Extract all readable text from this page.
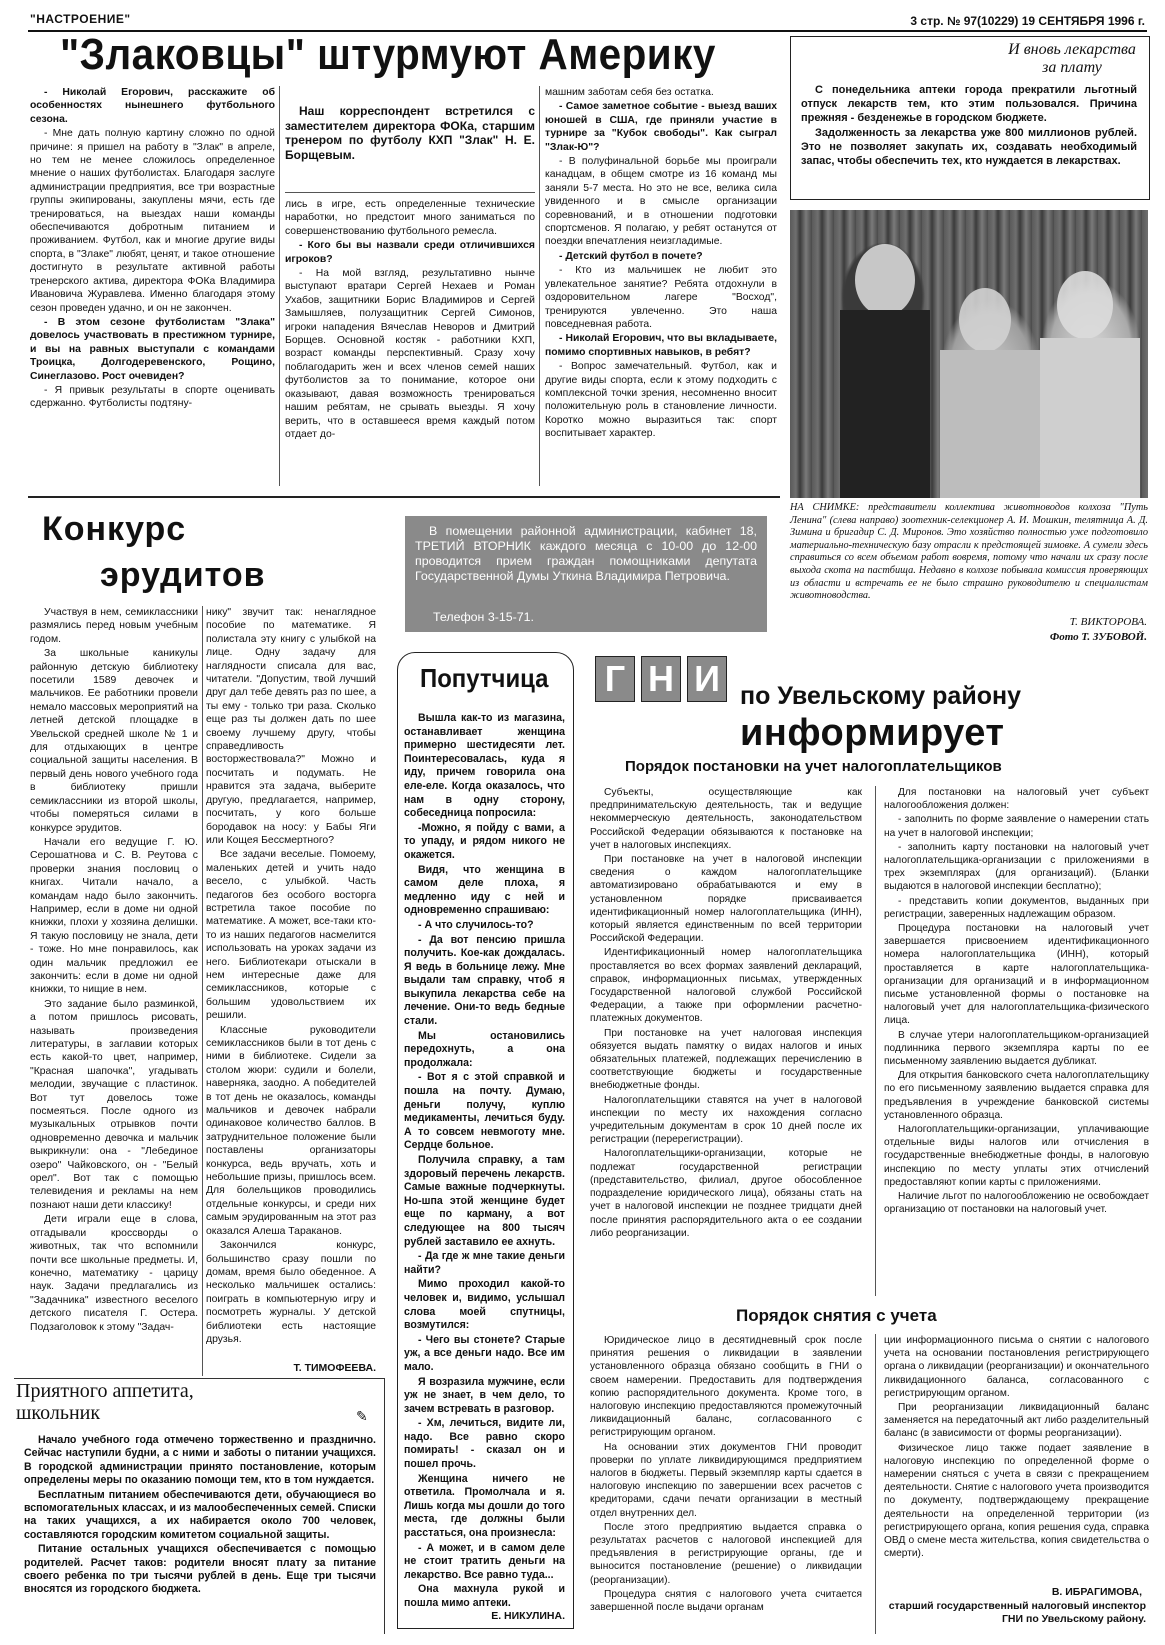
"НАСТРОЕНИЕ"	3 стр. № 97(10229) 19 СЕНТЯБРЯ 1996 г.
"Злаковцы" штурмуют Америку

- Николай Егорович, расскажите об особенностях нынешнего футбольного сезона.

- Мне дать полную картину сложно по одной причине: я пришел на работу в "Злак" в апреле, но тем не менее сложилось определенное мнение о наших футболистах. Благодаря заслуге администрации предприятия, все три возрастные группы экипированы, закуплены мячи, есть где тренироваться, на выездах наши команды обеспечиваются добротным питанием и проживанием. Футбол, как и многие другие виды спорта, в "Злаке" любят, ценят, и такое отношение достигнуто в результате активной работы тренерского актива, директора ФОКа Владимира Ивановича Журавлева. Именно благодаря этому сезон проведен удачно, и он не закончен.

- В этом сезоне футболистам "Злака" довелось участвовать в престижном турнире, и вы на равных выступали с командами Троицка, Долгодеревенского, Рощино, Синеглазово. Рост очевиден?

- Я привык результаты в спорте оценивать сдержанно. Футболисты подтяну-

Наш корреспондент встретился с заместителем директора ФОКа, старшим тренером по футболу КХП "Злак" Н. Е. Борщевым.

лись в игре, есть определенные технические наработки, но предстоит много заниматься по совершенствованию футбольного ремесла.

- Кого бы вы назвали среди отличившихся игроков?

- На мой взгляд, результативно нынче выступают вратари Сергей Нехаев и Роман Ухабов, защитники Борис Владимиров и Сергей Замышляев, полузащитник Сергей Симонов, игроки нападения Вячеслав Неворов и Дмитрий Борщев. Основной костяк - работники КХП, возраст команды перспективный. Сразу хочу поблагодарить жен и всех членов семей наших футболистов за то понимание, которое они оказывают, давая возможность тренироваться нашим ребятам, не срывать выезды. Я хочу верить, что в оставшееся время каждый потом отдает до-

машним заботам себя без остатка.

- Самое заметное событие - выезд ваших юношей в США, где приняли участие в турнире за "Кубок свободы". Как сыграл "Злак-Ю"?

- В полуфинальной борьбе мы проиграли канадцам, в общем смотре из 16 команд мы заняли 5-7 места. Но это не все, велика сила увиденного и в смысле организации соревнований, и в отношении подготовки спортсменов. Я полагаю, у ребят останутся от поездки впечатления неизгладимые.

- Детский футбол в почете?

- Кто из мальчишек не любит это увлекательное занятие? Ребята отдохнули в оздоровительном лагере "Восход", тренируются увлеченно. Это наша повседневная работа.

- Николай Егорович, что вы вкладываете, помимо спортивных навыков, в ребят?

- Вопрос замечательный. Футбол, как и другие виды спорта, если к этому подходить с комплексной точки зрения, несомненно вносит положительную роль в становление личности. Коротко можно выразиться так: спорт воспитывает характер.

И вновь лекарства за плату

С понедельника аптеки города прекратили льготный отпуск лекарств тем, кто этим пользовался. Причина прежняя - безденежье в городском бюджете.

Задолженность за лекарства уже 800 миллионов рублей. Это не позволяет закупать их, создавать необходимый запас, чтобы обеспечить тех, кто нуждается в лекарствах.

НА СНИМКЕ: представители коллектива животноводов колхоза "Путь Ленина" (слева направо) зоотехник-селекционер А. И. Мошкин, телятница А. Д. Зимина и бригадир С. Д. Миронов. Это хозяйство полностью уже подготовило материально-техническую базу отрасли к предстоящей зимовке. А сумели здесь справиться со всем объемом работ вовремя, потому что начали их сразу после выхода скота на пастбища. Недавно в колхозе побывала комиссия проверяющих из области и встречать ее не было страшно руководителю и специалистам животноводства.
Т. ВИКТОРОВА.
Фото Т. ЗУБОВОЙ.
Конкурс
эрудитов

Участвуя в нем, семиклассники размялись перед новым учебным годом.

За школьные каникулы районную детскую библиотеку посетили 1589 девочек и мальчиков. Ее работники провели немало массовых мероприятий на летней детской площадке в Увельской средней школе № 1 и для отдыхающих в центре социальной защиты населения. В первый день нового учебного года в библиотеку пришли семиклассники из второй школы, чтобы померяться силами в конкурсе эрудитов.

Начали его ведущие Г. Ю. Серошатнова и С. В. Реутова с проверки знания пословиц о книгах. Читали начало, а командам надо было закончить. Например, если в доме ни одной книжки, плохи у хозяина делишки. Я такую пословицу не знала, дети - тоже. Но мне понравилось, как один мальчик предложил ее закончить: если в доме ни одной книжки, то нищие в нем.

Это задание было разминкой, а потом пришлось рисовать, называть произведения литературы, в заглавии которых есть какой-то цвет, например, "Красная шапочка", угадывать мелодии, звучащие с пластинок. Вот тут довелось тоже посмеяться. После одного из музыкальных отрывков почти одновременно девочка и мальчик выкрикнули: она - "Лебединое озеро" Чайковского, он - "Белый орел". Вот так с помощью телевидения и рекламы на нем познают наши дети классику!

Дети играли еще в слова, отгадывали кроссворды о животных, так что вспомнили почти все школьные предметы. И, конечно, математику - царицу наук. Задачи предлагались из "Задачника" известного веселого детского писателя Г. Остера. Подзаголовок к этому "Задач-

нику" звучит так: ненаглядное пособие по математике. Я полистала эту книгу с улыбкой на лице. Одну задачу для наглядности списала для вас, читатели. "Допустим, твой лучший друг дал тебе девять раз по шее, а ты ему - только три раза. Сколько еще раз ты должен дать по шее своему лучшему другу, чтобы справедливость восторжествовала?" Можно и посчитать и подумать. Не нравится эта задача, выберите другую, предлагается, например, посчитать, у кого больше бородавок на носу: у Бабы Яги или Кощея Бессмертного?

Все задачи веселые. Помоему, маленьких детей и учить надо весело, с улыбкой. Часть педагогов без особого восторга встретила такое пособие по математике. А может, все-таки кто-то из наших педагогов насмелится использовать на уроках задачи из него. Библиотекари отыскали в нем интересные даже для семиклассников, которые с большим удовольствием их решили.

Классные руководители семиклассников были в тот день с ними в библиотеке. Сидели за столом жюри: судили и болели, наверняка, заодно. А победителей в тот день не оказалось, команды мальчиков и девочек набрали одинаковое количество баллов. В затруднительное положение были поставлены организаторы конкурса, ведь вручать, хоть и небольшие призы, пришлось всем. Для болельщиков проводились отдельные конкурсы, и среди них самым эрудированным на этот раз оказался Алеша Тараканов.

Закончился конкурс, большинство сразу пошли по домам, время было обеденное. А несколько мальчишек остались: поиграть в компьютерную игру и посмотреть журналы. У детской библиотеки есть настоящие друзья.

Т. ТИМОФЕЕВА.
В помещении районной администрации, кабинет 18, ТРЕТИЙ ВТОРНИК каждого месяца с 10-00 до 12-00 проводится прием граждан помощниками депутата Государственной Думы Уткина Владимира Петровича.
Телефон 3-15-71.
Попутчица

Вышла как-то из магазина, останавливает женщина примерно шестидесяти лет. Поинтересовалась, куда я иду, причем говорила она еле-еле. Когда оказалось, что нам в одну сторону, собеседница попросила:

-Можно, я пойду с вами, а то упаду, и рядом никого не окажется.

Видя, что женщина в самом деле плоха, я медленно иду с ней и одновременно спрашиваю:

- А что случилось-то?

- Да вот пенсию пришла получить. Кое-как дождалась. Я ведь в больнице лежу. Мне выдали там справку, чтоб я выкупила лекарства себе на лечение. Они-то ведь бедные стали.

Мы остановились передохнуть, а она продолжала:

- Вот я с этой справкой и пошла на почту. Думаю, деньги получу, куплю медикаменты, лечиться буду. А то совсем невмоготу мне. Сердце больное.

Получила справку, а там здоровый перечень лекарств. Самые важные подчеркнуты. Но-шпа этой женщине будет еще по карману, а вот следующее на 800 тысяч рублей заставило ее ахнуть.

- Да где ж мне такие деньги найти?

Мимо проходил какой-то человек и, видимо, услышал слова моей спутницы, возмутился:

- Чего вы стонете? Старые уж, а все деньги надо. Все им мало.

Я возразила мужчине, если уж не знает, в чем дело, то зачем встревать в разговор.

- Хм, лечиться, видите ли, надо. Все равно скоро помирать! - сказал он и пошел прочь.

Женщина ничего не ответила. Промолчала и я. Лишь когда мы дошли до того места, где должны были расстаться, она произнесла:

- А может, и в самом деле не стоит тратить деньги на лекарство. Все равно туда...

Она махнула рукой и пошла мимо аптеки.

Е. НИКУЛИНА.
Приятного аппетита,
школьник	✎

Начало учебного года отмечено торжественно и празднично. Сейчас наступили будни, а с ними и заботы о питании учащихся. В городской администрации принято постановление, которым определены меры по оказанию помощи тем, кто в том нуждается.

Бесплатным питанием обеспечиваются дети, обучающиеся во вспомогательных классах, и из малообеспеченных семей. Списки на таких учащихся, а их набирается около 700 человек, составляются городским комитетом социальной защиты.

Питание остальных учащихся обеспечивается с помощью родителей. Расчет таков: родители вносят плату за питание своего ребенка по три тысячи рублей в день. Еще три тысячи вносятся из городского бюджета.

Г Н И по Увельскому району
информирует
Порядок постановки на учет налогоплательщиков

Субъекты, осуществляющие как предпринимательскую деятельность, так и ведущие некоммерческую деятельность, законодательством Российской Федерации обязываются к постановке на учет в налоговых инспекциях.

При постановке на учет в налоговой инспекции сведения о каждом налогоплательщике автоматизировано обрабатываются и ему в установленном порядке присваивается идентификационный номер налогоплательщика (ИНН), который является единственным по всей территории Российской Федерации.

Идентификационный номер налогоплательщика проставляется во всех формах заявлений деклараций, справок, информационных письмах, утвержденных Государственной налоговой службой Российской Федерации, а также при оформлении расчетно-платежных документов.

При постановке на учет налоговая инспекция обязуется выдать памятку о видах налогов и иных обязательных платежей, подлежащих перечислению в соответствующие бюджеты и государственные внебюджетные фонды.

Налогоплательщики ставятся на учет в налоговой инспекции по месту их нахождения согласно учредительным документам в срок 10 дней после их регистрации (перерегистрации).

Налогоплательщики-организации, которые не подлежат государственной регистрации (представительство, филиал, другое обособленное подразделение юридического лица), обязаны стать на учет в налоговой инспекции не позднее тридцати дней после принятия распорядительного акта о ее создании либо реорганизации.

Для постановки на налоговый учет субъект налогообложения должен:

- заполнить по форме заявление о намерении стать на учет в налоговой инспекции;

- заполнить карту постановки на налоговый учет налогоплательщика-организации с приложениями в трех экземплярах (для организаций). (Бланки выдаются в налоговой инспекции бесплатно);

- представить копии документов, выданных при регистрации, заверенных надлежащим образом.

Процедура постановки на налоговый учет завершается присвоением идентификационного номера налогоплательщика (ИНН), который проставляется в карте налогоплательщика-организации для организаций и в информационном письме установленной формы о постановке на налоговый учет для налогоплательщика-физического лица.

В случае утери налогоплательщиком-организацией подлинника первого экземпляра карты по ее письменному заявлению выдается дубликат.

Для открытия банковского счета налогоплательщику по его письменному заявлению выдается справка для предъявления в учреждение банковской системы установленного образца.

Налогоплательщики-организации, уплачивающие отдельные виды налогов или отчисления в государственные внебюджетные фонды, в налоговую инспекцию по месту уплаты этих отчислений предоставляют копии карты с приложениями.

Наличие льгот по налогообложению не освобождает организацию от постановки на налоговый учет.

Порядок снятия с учета

Юридическое лицо в десятидневный срок после принятия решения о ликвидации в заявлении установленного образца обязано сообщить в ГНИ о своем намерении. Предоставить для подтверждения копию распорядительного документа. Кроме того, в налоговую инспекцию предоставляются промежуточный ликвидационный баланс, согласованного с регистрирующим органом.

На основании этих документов ГНИ проводит проверки по уплате ликвидирующимся предприятием налогов в бюджеты. Первый экземпляр карты сдается в налоговую инспекцию по завершении всех расчетов с кредиторами, сдачи печати организации в местный отдел внутренних дел.

После этого предприятию выдается справка о результатах расчетов с налоговой инспекцией для предъявления в регистрирующие органы, где и выносится постановление (решение) о ликвидации (реорганизации).

Процедура снятия с налогового учета считается завершенной после выдачи органам

ции информационного письма о снятии с налогового учета на основании постановления регистрирующего органа о ликвидации (реорганизации) и окончательного ликвидационного баланса, согласованного с регистрирующим органом.

При реорганизации ликвидационный баланс заменяется на передаточный акт либо разделительный баланс (в зависимости от формы реорганизации).

Физическое лицо также подает заявление в налоговую инспекцию по определенной форме о намерении сняться с учета в связи с прекращением деятельности. Снятие с налогового учета производится по документу, подтверждающему прекращение деятельности на определенной территории (из регистрирующего органа, копия решения суда, справка ОВД о смене места жительства, копия свидетельства о смерти).

В. ИБРАГИМОВА,
старший государственный налоговый инспектор ГНИ по Увельскому району.
